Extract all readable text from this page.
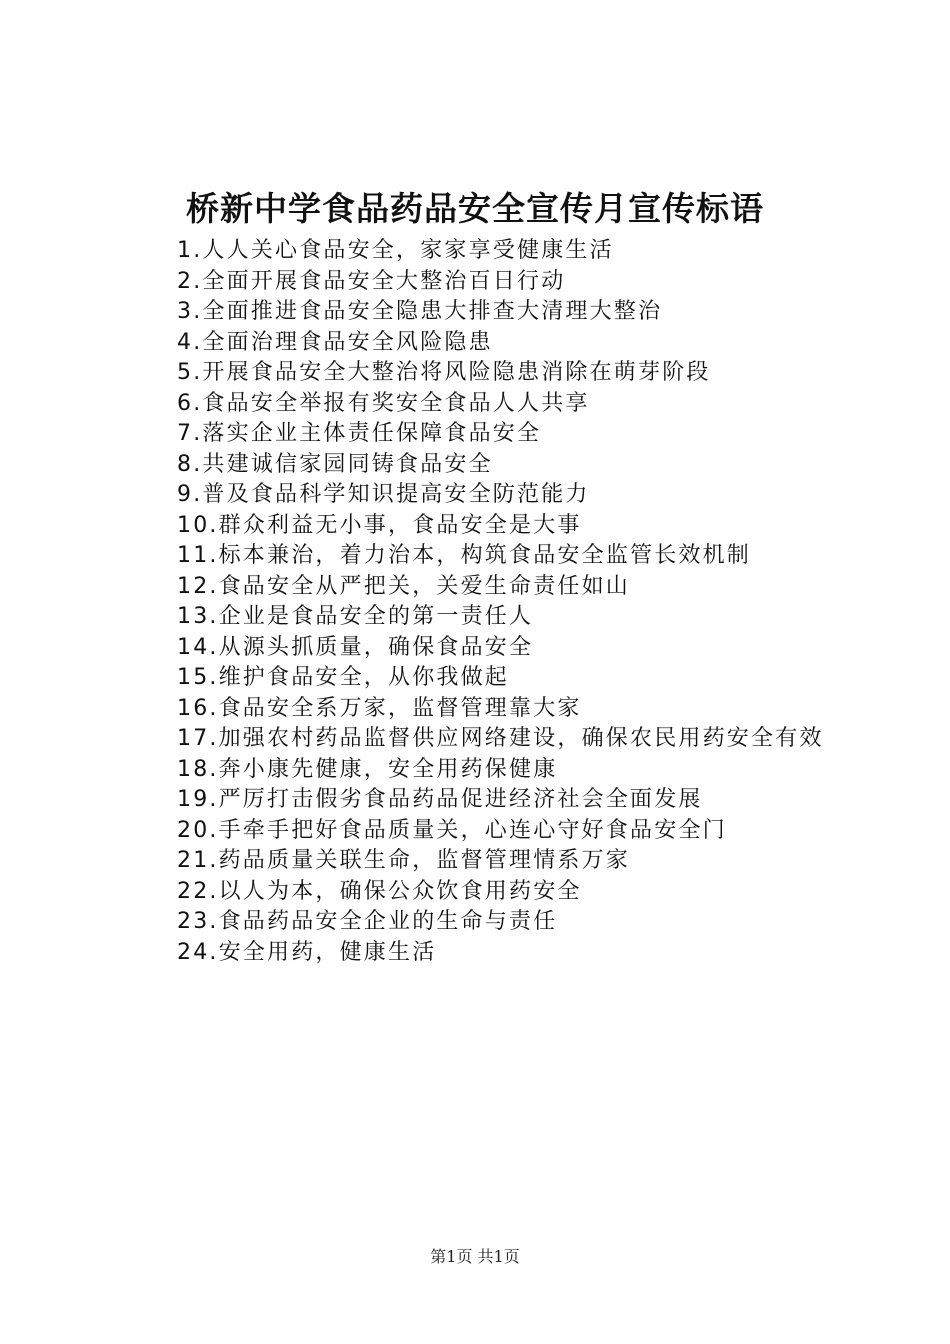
桥新中学食品药品安全宣传月宣传标语
1.人人关心食品安全，家家享受健康生活
2.全面开展食品安全大整治百日行动
3.全面推进食品安全隐患大排查大清理大整治
4.全面治理食品安全风险隐患
5.开展食品安全大整治将风险隐患消除在萌芽阶段
6.食品安全举报有奖安全食品人人共享
7.落实企业主体责任保障食品安全
8.共建诚信家园同铸食品安全
9.普及食品科学知识提高安全防范能力
10.群众利益无小事，食品安全是大事
11.标本兼治，着力治本，构筑食品安全监管长效机制
12.食品安全从严把关，关爱生命责任如山
13.企业是食品安全的第一责任人
14.从源头抓质量，确保食品安全
15.维护食品安全，从你我做起
16.食品安全系万家，监督管理靠大家
17.加强农村药品监督供应网络建设，确保农民用药安全有效
18.奔小康先健康，安全用药保健康
19.严厉打击假劣食品药品促进经济社会全面发展
20.手牵手把好食品质量关，心连心守好食品安全门
21.药品质量关联生命，监督管理情系万家
22.以人为本，确保公众饮食用药安全
23.食品药品安全企业的生命与责任
24.安全用药，健康生活
第1页 共1页
